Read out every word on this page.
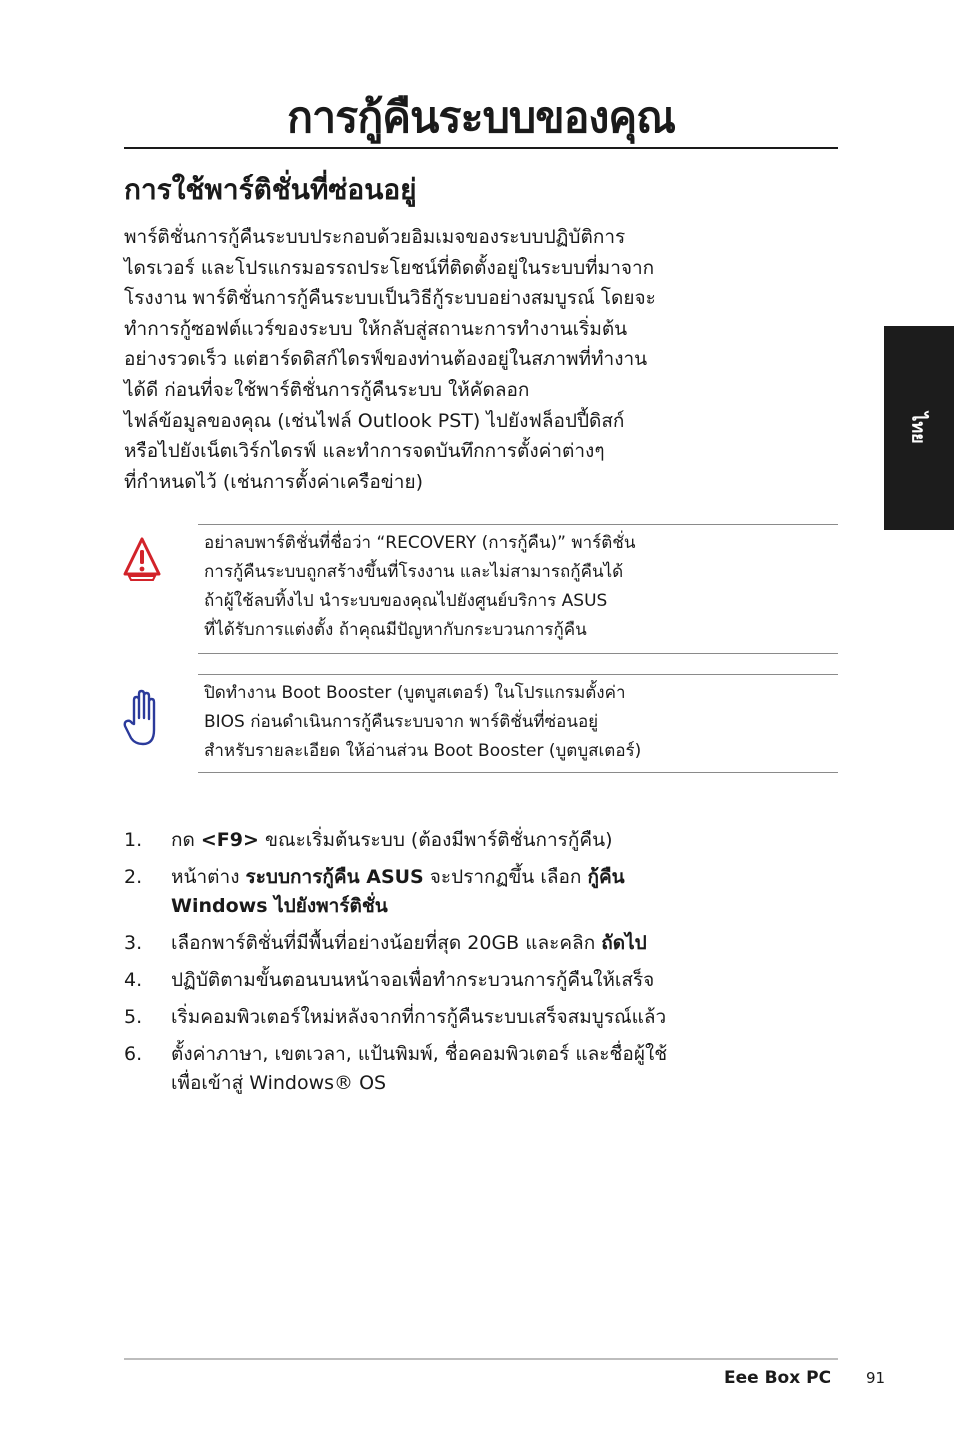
การกู้คืนระบบของคุณ
การใช้พาร์ติชั่นที่ซ่อนอยู่
พาร์ติชั่นการกู้คืนระบบประกอบด้วยอิมเมจของระบบปฏิบัติการ
ไดรเวอร์ และโปรแกรมอรรถประโยชน์ที่ติดตั้งอยู่ในระบบที่มาจาก
โรงงาน พาร์ติชั่นการกู้คืนระบบเป็นวิธีกู้ระบบอย่างสมบูรณ์ โดยจะ
ทำการกู้ซอฟต์แวร์ของระบบ ให้กลับสู่สถานะการทำงานเริ่มต้น
อย่างรวดเร็ว แต่ฮาร์ดดิสก์ไดรฟ์ของท่านต้องอยู่ในสภาพที่ทำงาน
ได้ดี ก่อนที่จะใช้พาร์ติชั่นการกู้คืนระบบ ให้คัดลอก
ไฟล์ข้อมูลของคุณ (เช่นไฟล์ Outlook PST) ไปยังฟล็อปปี้ดิสก์
หรือไปยังเน็ตเวิร์กไดรฟ์ และทำการจดบันทึกการตั้งค่าต่างๆ
ที่กำหนดไว้ (เช่นการตั้งค่าเครือข่าย)
ไทย
อย่าลบพาร์ติชั่นที่ชื่อว่า “RECOVERY (การกู้คืน)” พาร์ติชั่น
การกู้คืนระบบถูกสร้างขึ้นที่โรงงาน และไม่สามารถกู้คืนได้
ถ้าผู้ใช้ลบทิ้งไป นำระบบของคุณไปยังศูนย์บริการ ASUS
ที่ได้รับการแต่งตั้ง ถ้าคุณมีปัญหากับกระบวนการกู้คืน
ปิดทำงาน Boot Booster (บูตบูสเตอร์) ในโปรแกรมตั้งค่า
BIOS ก่อนดำเนินการกู้คืนระบบจาก พาร์ติชั่นที่ซ่อนอยู่
สำหรับรายละเอียด ให้อ่านส่วน Boot Booster (บูตบูสเตอร์)
1. กด <F9> ขณะเริ่มต้นระบบ (ต้องมีพาร์ติชั่นการกู้คืน)
2. หน้าต่าง ระบบการกู้คืน ASUS จะปรากฏขึ้น เลือก กู้คืน
Windows ไปยังพาร์ติชั่น
3. เลือกพาร์ติชั่นที่มีพื้นที่อย่างน้อยที่สุด 20GB และคลิก ถัดไป
4. ปฏิบัติตามขั้นตอนบนหน้าจอเพื่อทำกระบวนการกู้คืนให้เสร็จ
5. เริ่มคอมพิวเตอร์ใหม่หลังจากที่การกู้คืนระบบเสร็จสมบูรณ์แล้ว
6. ตั้งค่าภาษา, เขตเวลา, แป้นพิมพ์, ชื่อคอมพิวเตอร์ และชื่อผู้ใช้
เพื่อเข้าสู่ Windows® OS
Eee Box PC 91
